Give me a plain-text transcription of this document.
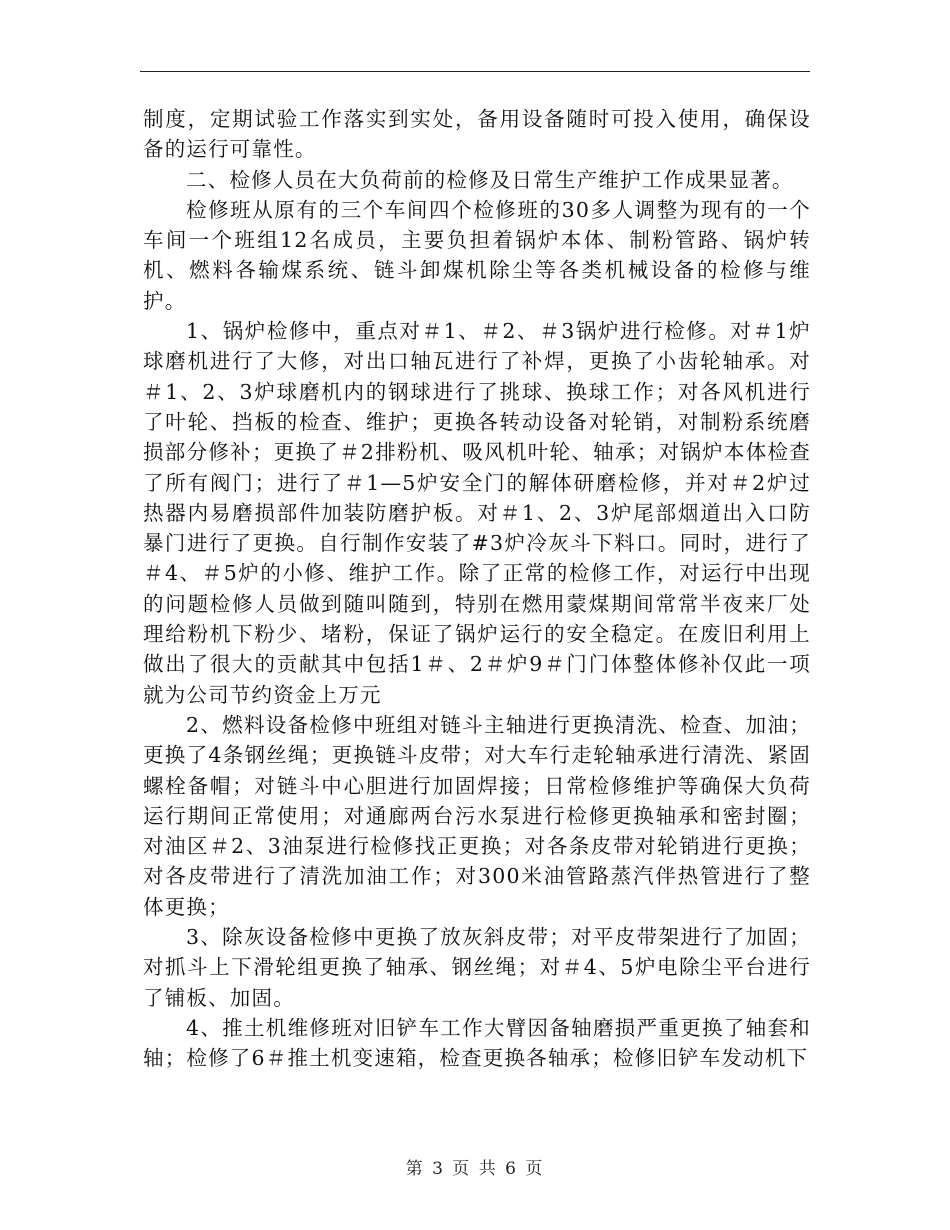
制度，定期试验工作落实到实处，备用设备随时可投入使用，确保设备的运行可靠性。

二、检修人员在大负荷前的检修及日常生产维护工作成果显著。

检修班从原有的三个车间四个检修班的30多人调整为现有的一个车间一个班组12名成员，主要负担着锅炉本体、制粉管路、锅炉转机、燃料各输煤系统、链斗卸煤机除尘等各类机械设备的检修与维护。

1、锅炉检修中，重点对＃1、＃2、＃3锅炉进行检修。对＃1炉球磨机进行了大修，对出口轴瓦进行了补焊，更换了小齿轮轴承。对＃1、2、3炉球磨机内的钢球进行了挑球、换球工作；对各风机进行了叶轮、挡板的检查、维护；更换各转动设备对轮销，对制粉系统磨损部分修补；更换了＃2排粉机、吸风机叶轮、轴承；对锅炉本体检查了所有阀门；进行了＃1—5炉安全门的解体研磨检修，并对＃2炉过热器内易磨损部件加装防磨护板。对＃1、2、3炉尾部烟道出入口防暴门进行了更换。自行制作安装了#3炉冷灰斗下料口。同时，进行了＃4、＃5炉的小修、维护工作。除了正常的检修工作，对运行中出现的问题检修人员做到随叫随到，特别在燃用蒙煤期间常常半夜来厂处理给粉机下粉少、堵粉，保证了锅炉运行的安全稳定。在废旧利用上做出了很大的贡献其中包括1＃、2＃炉9＃门门体整体修补仅此一项就为公司节约资金上万元

2、燃料设备检修中班组对链斗主轴进行更换清洗、检查、加油；更换了4条钢丝绳；更换链斗皮带；对大车行走轮轴承进行清洗、紧固螺栓备帽；对链斗中心胆进行加固焊接；日常检修维护等确保大负荷运行期间正常使用；对通廊两台污水泵进行检修更换轴承和密封圈；对油区＃2、3油泵进行检修找正更换；对各条皮带对轮销进行更换；对各皮带进行了清洗加油工作；对300米油管路蒸汽伴热管进行了整体更换；

3、除灰设备检修中更换了放灰斜皮带；对平皮带架进行了加固；对抓斗上下滑轮组更换了轴承、钢丝绳；对＃4、5炉电除尘平台进行了铺板、加固。

4、推土机维修班对旧铲车工作大臂因备轴磨损严重更换了轴套和轴；检修了6＃推土机变速箱，检查更换各轴承；检修旧铲车发动机下

第 3 页 共 6 页
